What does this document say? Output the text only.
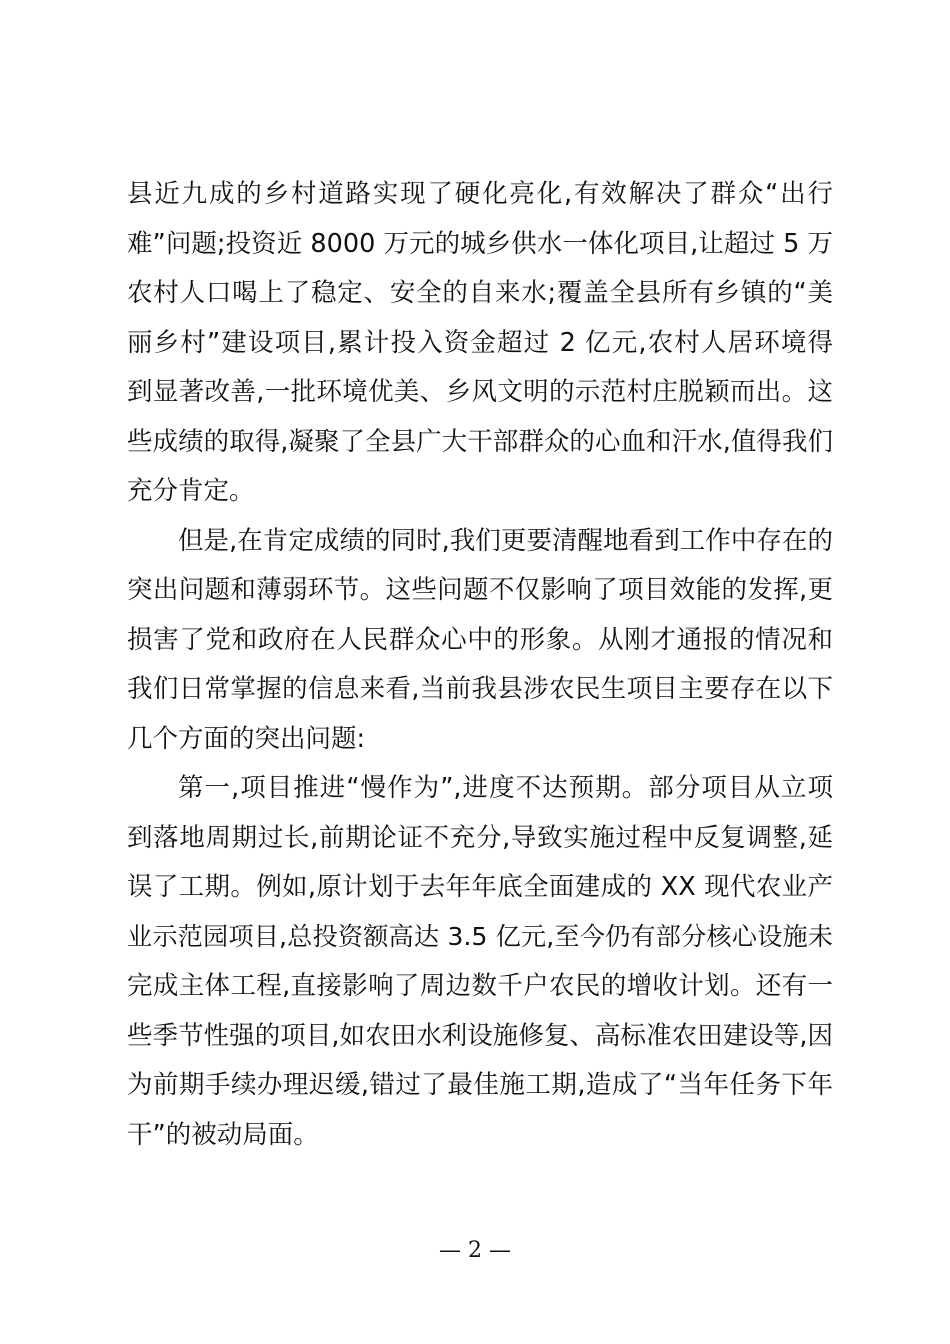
县近九成的乡村道路实现了硬化亮化,有效解决了群众“出行
难”问题;投资近 8000 万元的城乡供水一体化项目,让超过 5 万
农村人口喝上了稳定、安全的自来水;覆盖全县所有乡镇的“美
丽乡村”建设项目,累计投入资金超过 2 亿元,农村人居环境得
到显著改善,一批环境优美、乡风文明的示范村庄脱颖而出。这
些成绩的取得,凝聚了全县广大干部群众的心血和汗水,值得我们
充分肯定。
但是,在肯定成绩的同时,我们更要清醒地看到工作中存在的
突出问题和薄弱环节。这些问题不仅影响了项目效能的发挥,更
损害了党和政府在人民群众心中的形象。从刚才通报的情况和
我们日常掌握的信息来看,当前我县涉农民生项目主要存在以下
几个方面的突出问题:
第一,项目推进“慢作为”,进度不达预期。部分项目从立项
到落地周期过长,前期论证不充分,导致实施过程中反复调整,延
误了工期。例如,原计划于去年年底全面建成的 XX 现代农业产
业示范园项目,总投资额高达 3.5 亿元,至今仍有部分核心设施未
完成主体工程,直接影响了周边数千户农民的增收计划。还有一
些季节性强的项目,如农田水利设施修复、高标准农田建设等,因
为前期手续办理迟缓,错过了最佳施工期,造成了“当年任务下年
干”的被动局面。
— 2 —
